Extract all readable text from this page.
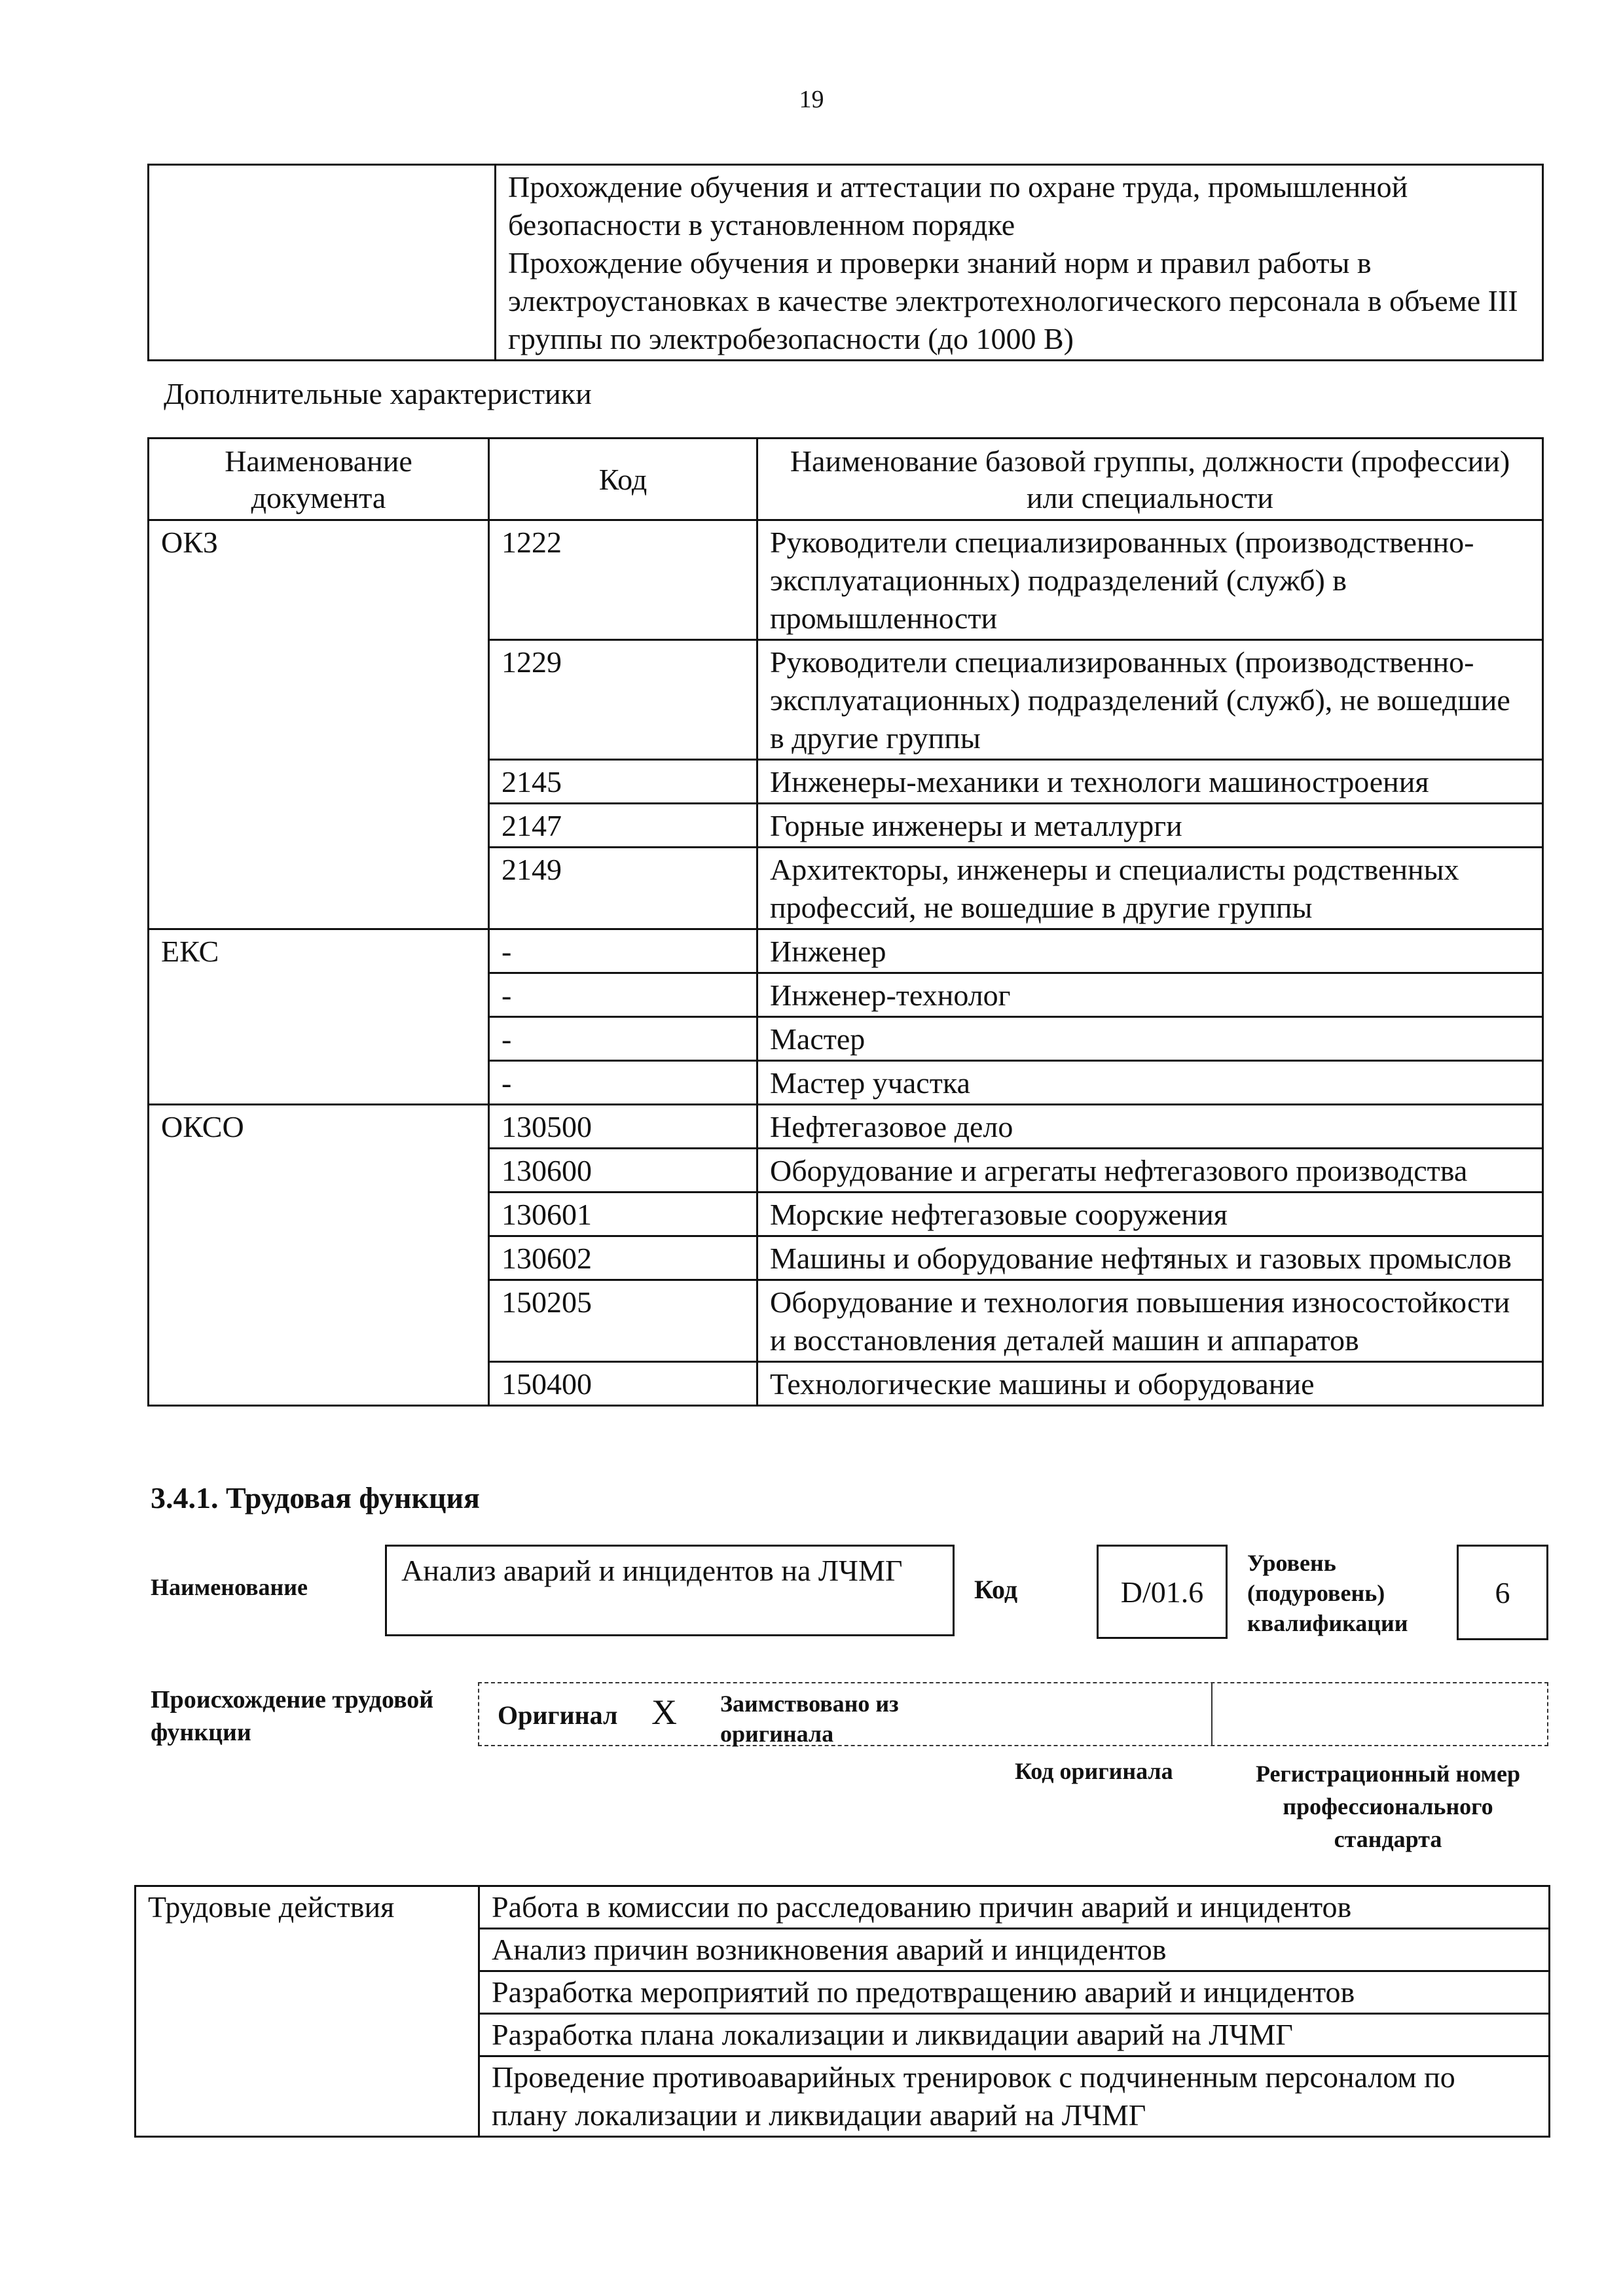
19

Прохождение обучения и аттестации по охране труда, промышленной безопасности в установленном порядке
Прохождение обучения и проверки знаний норм и правил работы в электроустановках в качестве электротехнологического персонала в объеме III группы по электробезопасности (до 1000 В)
Дополнительные характеристики
Наименование документа	Код	Наименование базовой группы, должности (профессии) или специальности
ОКЗ	1222	Руководители специализированных (производственно-эксплуатационных) подразделений (служб) в промышленности
	1229	Руководители специализированных (производственно-эксплуатационных) подразделений (служб), не вошедшие в другие группы
	2145	Инженеры-механики и технологи машиностроения
	2147	Горные инженеры и металлурги
	2149	Архитекторы, инженеры и специалисты родственных профессий, не вошедшие в другие группы
ЕКС	-	Инженер
	-	Инженер-технолог
	-	Мастер
	-	Мастер участка
ОКСО	130500	Нефтегазовое дело
	130600	Оборудование и агрегаты нефтегазового производства
	130601	Морские нефтегазовые сооружения
	130602	Машины и оборудование нефтяных и газовых промыслов
	150205	Оборудование и технология повышения износостойкости и восстановления деталей машин и аппаратов
	150400	Технологические машины и оборудование
3.4.1. Трудовая функция
Наименование	Анализ аварий и инцидентов на ЛЧМГ
Код	D/01.6
Уровень (подуровень) квалификации
6
Происхождение трудовой функции
Оригинал X Заимствовано из оригинала
Код оригинала	Регистрационный номер профессионального стандарта
Трудовые действия	Работа в комиссии по расследованию причин аварий и инцидентов
Анализ причин возникновения аварий и инцидентов
Разработка мероприятий по предотвращению аварий и инцидентов
Разработка плана локализации и ликвидации аварий на ЛЧМГ
Проведение противоаварийных тренировок с подчиненным персоналом по плану локализации и ликвидации аварий на ЛЧМГ
